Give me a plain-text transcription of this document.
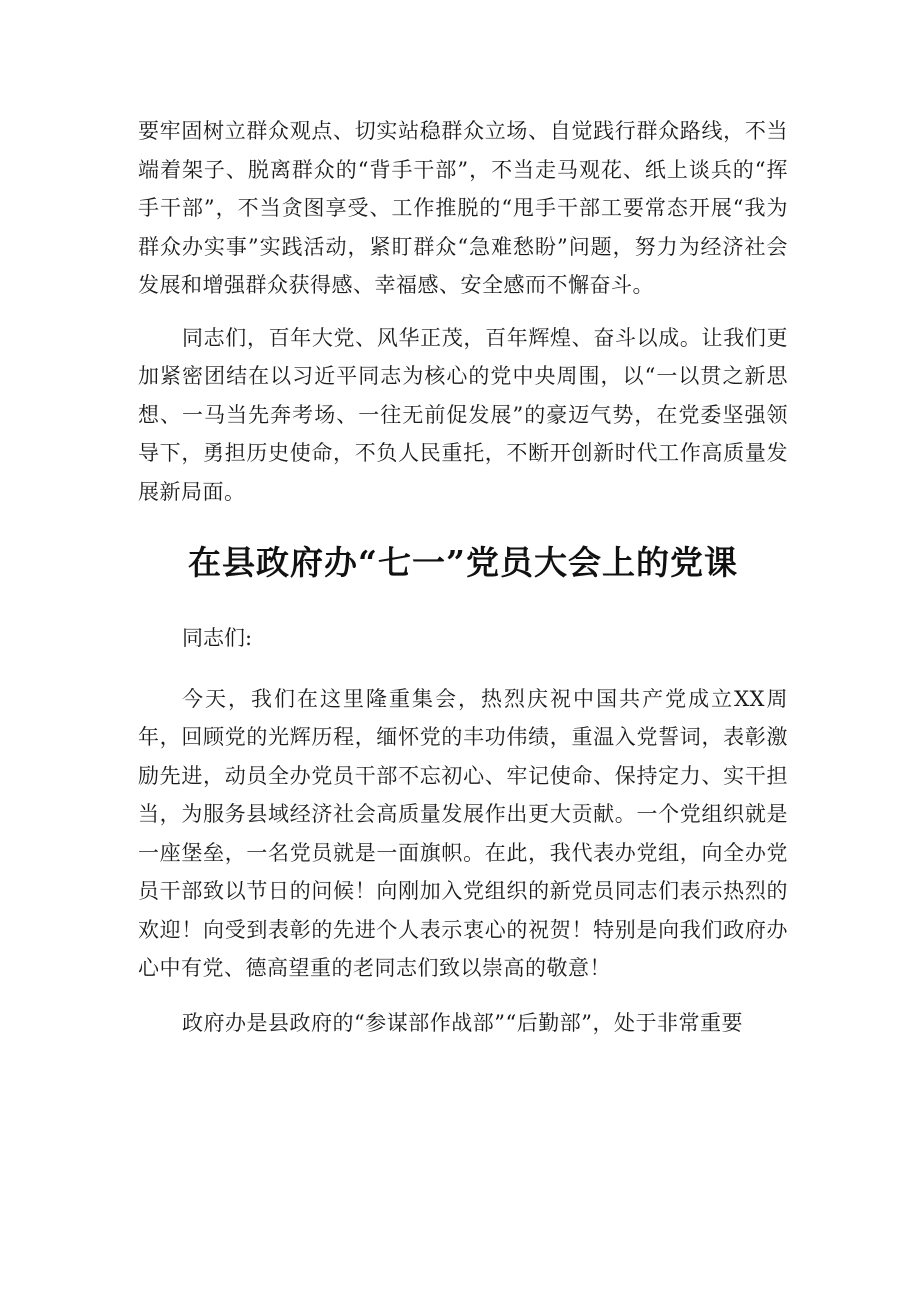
要牢固树立群众观点、切实站稳群众立场、自觉践行群众路线，不当端着架子、脱离群众的“背手干部”，不当走马观花、纸上谈兵的“挥手干部”，不当贪图享受、工作推脱的“甩手干部工要常态开展“我为群众办实事”实践活动，紧盯群众“急难愁盼”问题，努力为经济社会发展和增强群众获得感、幸福感、安全感而不懈奋斗。

同志们，百年大党、风华正茂，百年辉煌、奋斗以成。让我们更加紧密团结在以习近平同志为核心的党中央周围，以“一以贯之新思想、一马当先奔考场、一往无前促发展”的豪迈气势，在党委坚强领导下，勇担历史使命，不负人民重托，不断开创新时代工作高质量发展新局面。

在县政府办“七一”党员大会上的党课

同志们:

今天，我们在这里隆重集会，热烈庆祝中国共产党成立XX周年，回顾党的光辉历程，缅怀党的丰功伟绩，重温入党誓词，表彰激励先进，动员全办党员干部不忘初心、牢记使命、保持定力、实干担当，为服务县域经济社会高质量发展作出更大贡献。一个党组织就是一座堡垒，一名党员就是一面旗帜。在此，我代表办党组，向全办党员干部致以节日的问候！向刚加入党组织的新党员同志们表示热烈的欢迎！向受到表彰的先进个人表示衷心的祝贺！特别是向我们政府办心中有党、德高望重的老同志们致以崇高的敬意！

政府办是县政府的“参谋部作战部”“后勤部”，处于非常重要
